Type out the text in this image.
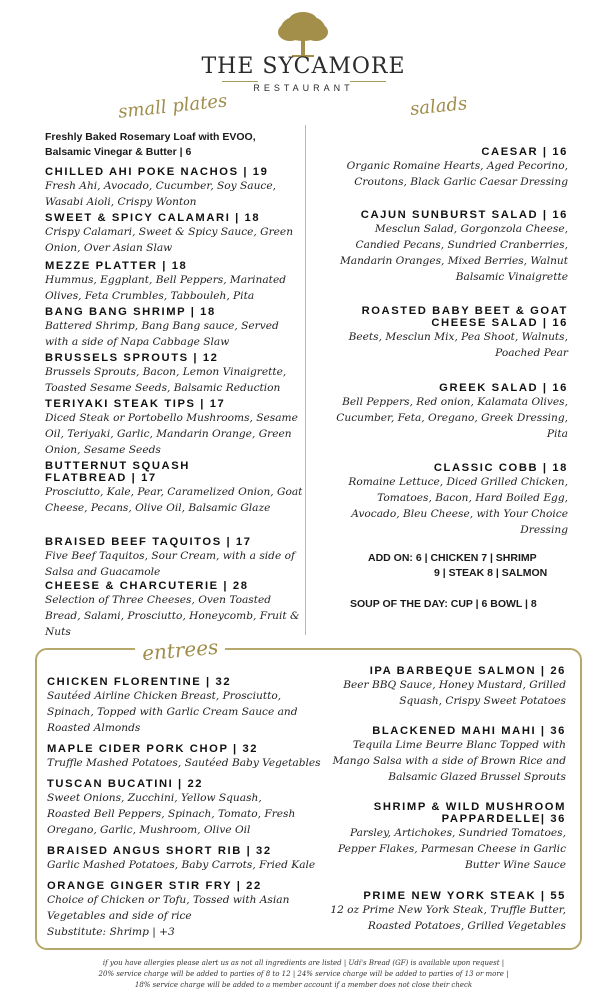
THE SYCAMORE
RESTAURANT
small plates	salads
Freshly Baked Rosemary Loaf with EVOO,
Balsamic Vinegar & Butter | 6
CHILLED AHI POKE NACHOS | 19
Fresh Ahi, Avocado, Cucumber, Soy Sauce, Wasabi Aioli, Crispy Wonton
SWEET & SPICY CALAMARI | 18
Crispy Calamari, Sweet & Spicy Sauce, Green Onion, Over Asian Slaw
MEZZE PLATTER | 18
Hummus, Eggplant, Bell Peppers, Marinated Olives, Feta Crumbles, Tabbouleh, Pita
BANG BANG SHRIMP | 18
Battered Shrimp, Bang Bang sauce, Served with a side of Napa Cabbage Slaw
BRUSSELS SPROUTS | 12
Brussels Sprouts, Bacon, Lemon Vinaigrette, Toasted Sesame Seeds, Balsamic Reduction
TERIYAKI STEAK TIPS | 17
Diced Steak or Portobello Mushrooms, Sesame Oil, Teriyaki, Garlic, Mandarin Orange, Green Onion, Sesame Seeds
BUTTERNUT SQUASH
FLATBREAD | 17
Prosciutto, Kale, Pear, Caramelized Onion, Goat Cheese, Pecans, Olive Oil, Balsamic Glaze
BRAISED BEEF TAQUITOS | 17
Five Beef Taquitos, Sour Cream, with a side of Salsa and Guacamole
CHEESE & CHARCUTERIE | 28
Selection of Three Cheeses, Oven Toasted Bread, Salami, Prosciutto, Honeycomb, Fruit & Nuts
CAESAR | 16
Organic Romaine Hearts, Aged Pecorino, Croutons, Black Garlic Caesar Dressing
CAJUN SUNBURST SALAD | 16
Mesclun Salad, Gorgonzola Cheese, Candied Pecans, Sundried Cranberries, Mandarin Oranges, Mixed Berries, Walnut Balsamic Vinaigrette
ROASTED BABY BEET & GOAT
CHEESE SALAD | 16
Beets, Mesclun Mix, Pea Shoot, Walnuts, Poached Pear
GREEK SALAD | 16
Bell Peppers, Red onion, Kalamata Olives, Cucumber, Feta, Oregano, Greek Dressing, Pita
CLASSIC COBB | 18
Romaine Lettuce, Diced Grilled Chicken, Tomatoes, Bacon, Hard Boiled Egg, Avocado, Bleu Cheese, with Your Choice Dressing
ADD ON: 6 | CHICKEN 7 | SHRIMP
9 | STEAK 8 | SALMON
SOUP OF THE DAY: CUP | 6 BOWL | 8
entrees
CHICKEN FLORENTINE | 32
Sautéed Airline Chicken Breast, Prosciutto, Spinach, Topped with Garlic Cream Sauce and Roasted Almonds
MAPLE CIDER PORK CHOP | 32
Truffle Mashed Potatoes, Sautéed Baby Vegetables
TUSCAN BUCATINI | 22
Sweet Onions, Zucchini, Yellow Squash, Roasted Bell Peppers, Spinach, Tomato, Fresh Oregano, Garlic, Mushroom, Olive Oil
BRAISED ANGUS SHORT RIB | 32
Garlic Mashed Potatoes, Baby Carrots, Fried Kale
ORANGE GINGER STIR FRY | 22
Choice of Chicken or Tofu, Tossed with Asian Vegetables and side of rice
Substitute: Shrimp | +3
IPA BARBEQUE SALMON | 26
Beer BBQ Sauce, Honey Mustard, Grilled Squash, Crispy Sweet Potatoes
BLACKENED MAHI MAHI | 36
Tequila Lime Beurre Blanc Topped with Mango Salsa with a side of Brown Rice and Balsamic Glazed Brussel Sprouts
SHRIMP & WILD MUSHROOM
PAPPARDELLE| 36
Parsley, Artichokes, Sundried Tomatoes, Pepper Flakes, Parmesan Cheese in Garlic Butter Wine Sauce
PRIME NEW YORK STEAK | 55
12 oz Prime New York Steak, Truffle Butter, Roasted Potatoes, Grilled Vegetables
if you have allergies please alert us as not all ingredients are listed | Udi's Bread (GF) is available upon request |
20% service charge will be added to parties of 8 to 12 | 24% service charge will be added to parties of 13 or more |
18% service charge will be added to a member account if a member does not close their check
